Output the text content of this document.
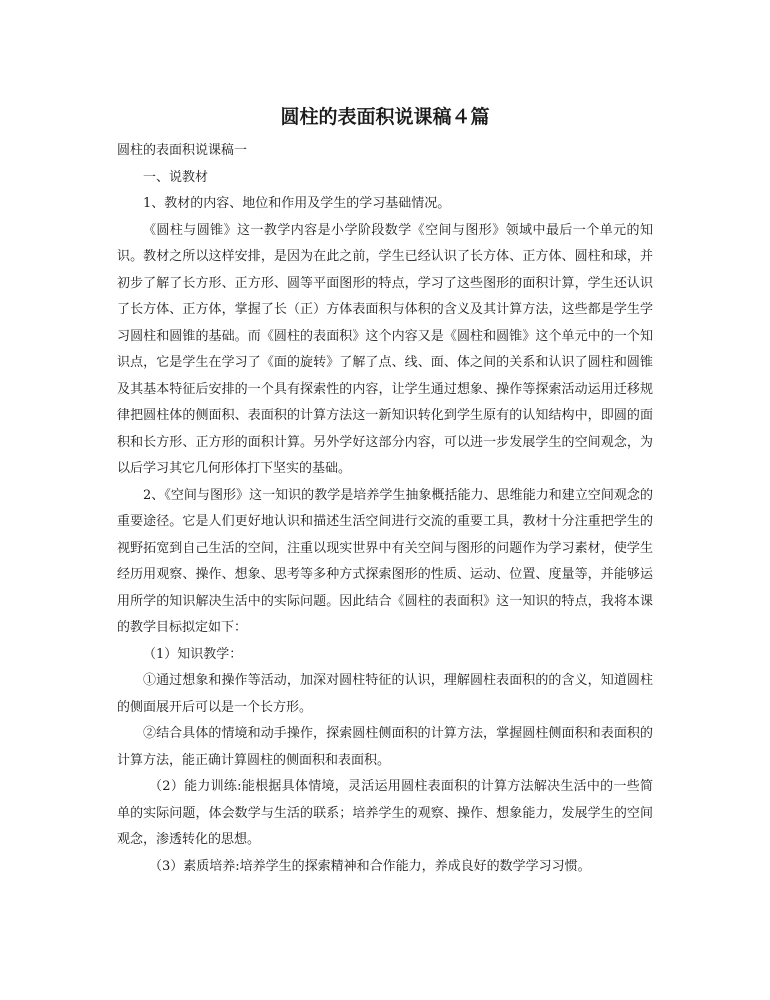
圆柱的表面积说课稿４篇

圆柱的表面积说课稿一

一、说教材

1、教材的内容、地位和作用及学生的学习基础情况。

《圆柱与圆锥》这一教学内容是小学阶段数学《空间与图形》领域中最后一个单元的知识。教材之所以这样安排，是因为在此之前，学生已经认识了长方体、正方体、圆柱和球，并初步了解了长方形、正方形、圆等平面图形的特点，学习了这些图形的面积计算，学生还认识了长方体、正方体，掌握了长（正）方体表面积与体积的含义及其计算方法，这些都是学生学习圆柱和圆锥的基础。而《圆柱的表面积》这个内容又是《圆柱和圆锥》这个单元中的一个知识点，它是学生在学习了《面的旋转》了解了点、线、面、体之间的关系和认识了圆柱和圆锥及其基本特征后安排的一个具有探索性的内容，让学生通过想象、操作等探索活动运用迁移规律把圆柱体的侧面积、表面积的计算方法这一新知识转化到学生原有的认知结构中，即圆的面积和长方形、正方形的面积计算。另外学好这部分内容，可以进一步发展学生的空间观念，为以后学习其它几何形体打下坚实的基础。

2、《空间与图形》这一知识的教学是培养学生抽象概括能力、思维能力和建立空间观念的重要途径。它是人们更好地认识和描述生活空间进行交流的重要工具，教材十分注重把学生的视野拓宽到自己生活的空间，注重以现实世界中有关空间与图形的问题作为学习素材，使学生经历用观察、操作、想象、思考等多种方式探索图形的性质、运动、位置、度量等，并能够运用所学的知识解决生活中的实际问题。因此结合《圆柱的表面积》这一知识的特点，我将本课的教学目标拟定如下：

（1）知识教学：

①通过想象和操作等活动，加深对圆柱特征的认识，理解圆柱表面积的的含义，知道圆柱的侧面展开后可以是一个长方形。

②结合具体的情境和动手操作，探索圆柱侧面积的计算方法，掌握圆柱侧面积和表面积的计算方法，能正确计算圆柱的侧面积和表面积。

（2）能力训练:能根据具体情境，灵活运用圆柱表面积的计算方法解决生活中的一些简单的实际问题，体会数学与生活的联系；培养学生的观察、操作、想象能力，发展学生的空间观念，渗透转化的思想。

（3）素质培养:培养学生的探索精神和合作能力，养成良好的数学学习习惯。
